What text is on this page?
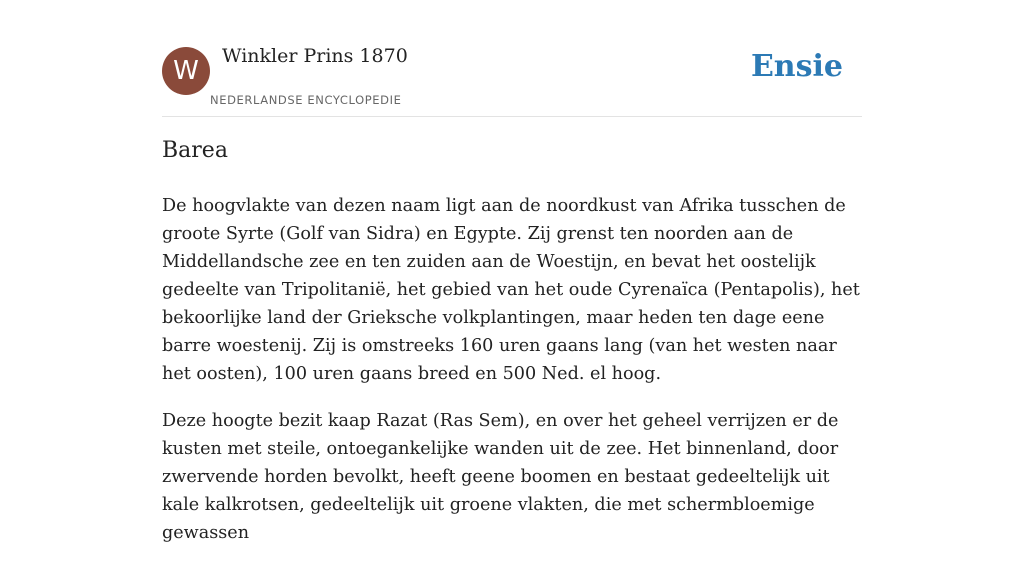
W	Winkler Prins 1870
NEDERLANDSE ENCYCLOPEDIE
Ensie
Barea

De hoogvlakte van dezen naam ligt aan de noordkust van Afrika tusschen de groote Syrte (Golf van Sidra) en Egypte. Zij grenst ten noorden aan de Middellandsche zee en ten zuiden aan de Woestijn, en bevat het oostelijk gedeelte van Tripolitanië, het gebied van het oude Cyrenaïca (Pentapolis), het bekoorlijke land der Grieksche volkplantingen, maar heden ten dage eene barre woestenij. Zij is omstreeks 160 uren gaans lang (van het westen naar het oosten), 100 uren gaans breed en 500 Ned. el hoog.

Deze hoogte bezit kaap Razat (Ras Sem), en over het geheel verrijzen er de kusten met steile, ontoegankelijke wanden uit de zee. Het binnenland, door zwervende horden bevolkt, heeft geene boomen en bestaat gedeeltelijk uit kale kalkrotsen, gedeeltelijk uit groene vlakten, die met schermbloemige gewassen
